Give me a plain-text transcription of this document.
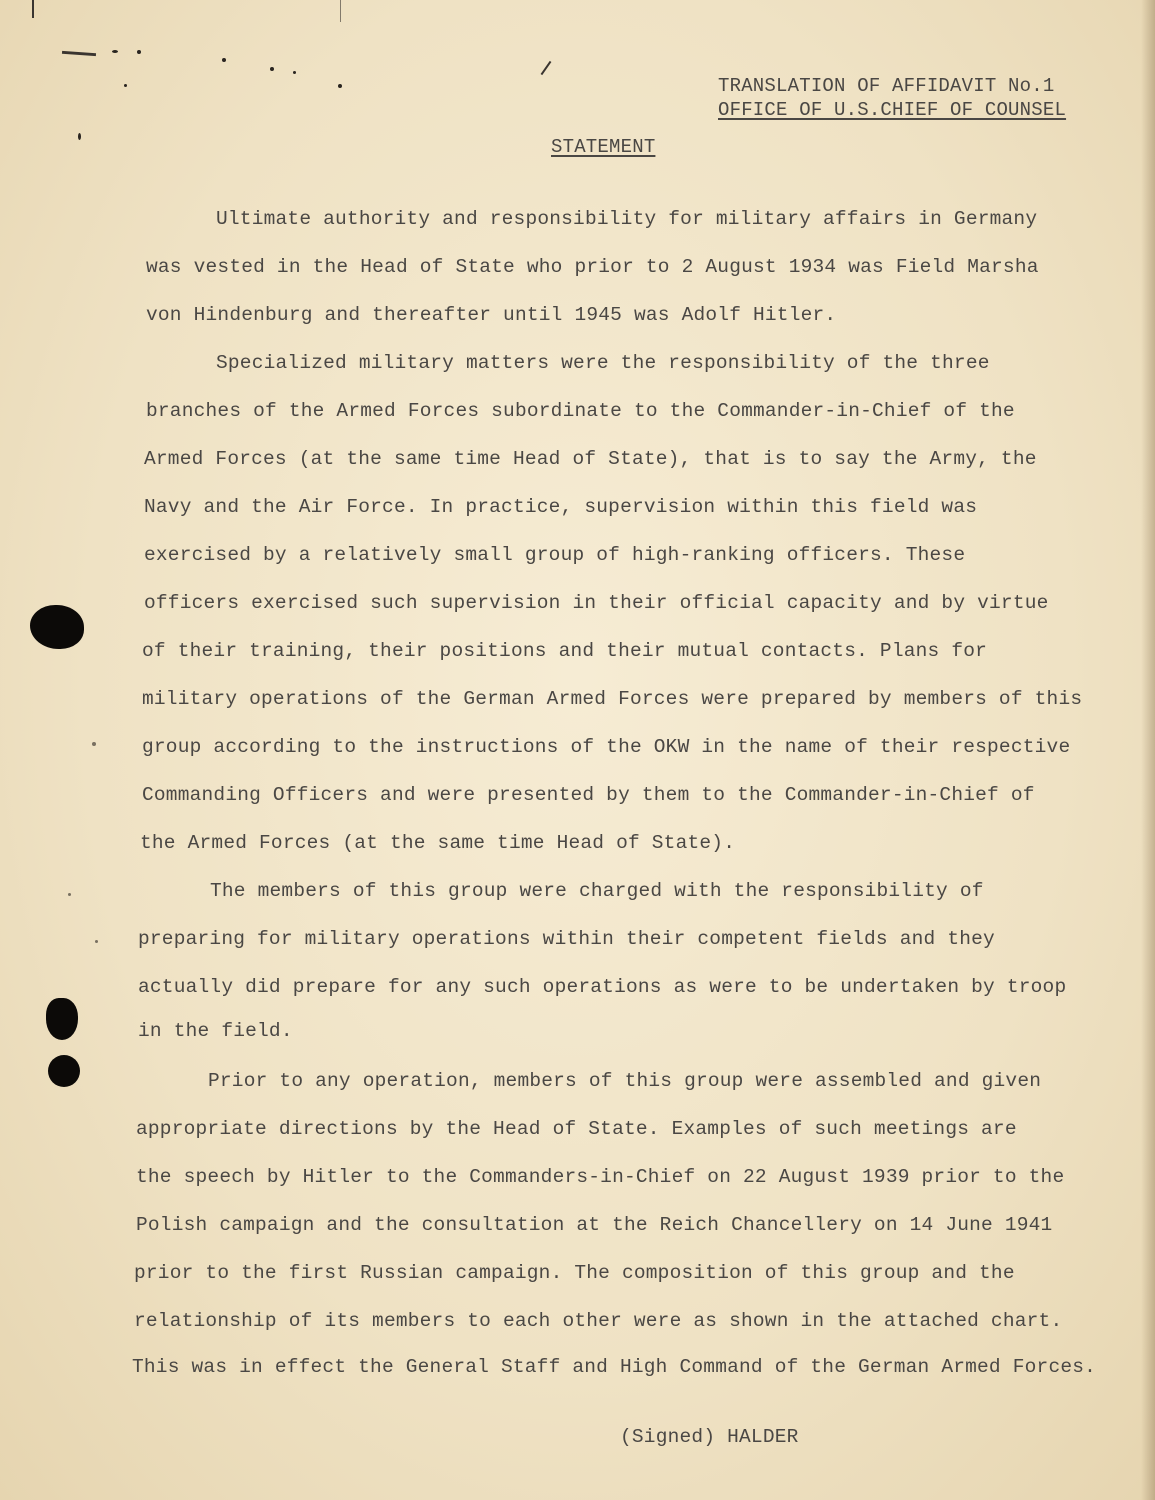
TRANSLATION OF AFFIDAVIT No.1
OFFICE OF U.S.CHIEF OF COUNSEL
STATEMENT
Ultimate authority and responsibility for military affairs in Germany
was vested in the Head of State who prior to 2 August 1934 was Field Marsha
von Hindenburg and thereafter until 1945 was Adolf Hitler.
Specialized military matters were the responsibility of the three
branches of the Armed Forces subordinate to the Commander-in-Chief of the
Armed Forces (at the same time Head of State), that is to say the Army, the
Navy and the Air Force. In practice, supervision within this field was
exercised by a relatively small group of high-ranking officers. These
officers exercised such supervision in their official capacity and by virtue
of their training, their positions and their mutual contacts. Plans for
military operations of the German Armed Forces were prepared by members of this
group according to the instructions of the OKW in the name of their respective
Commanding Officers and were presented by them to the Commander-in-Chief of
the Armed Forces (at the same time Head of State).
The members of this group were charged with the responsibility of
preparing for military operations within their competent fields and they
actually did prepare for any such operations as were to be undertaken by troop
in the field.
Prior to any operation, members of this group were assembled and given
appropriate directions by the Head of State. Examples of such meetings are
the speech by Hitler to the Commanders-in-Chief on 22 August 1939 prior to the
Polish campaign and the consultation at the Reich Chancellery on 14 June 1941
prior to the first Russian campaign. The composition of this group and the
relationship of its members to each other were as shown in the attached chart.
This was in effect the General Staff and High Command of the German Armed Forces.
(Signed) HALDER
